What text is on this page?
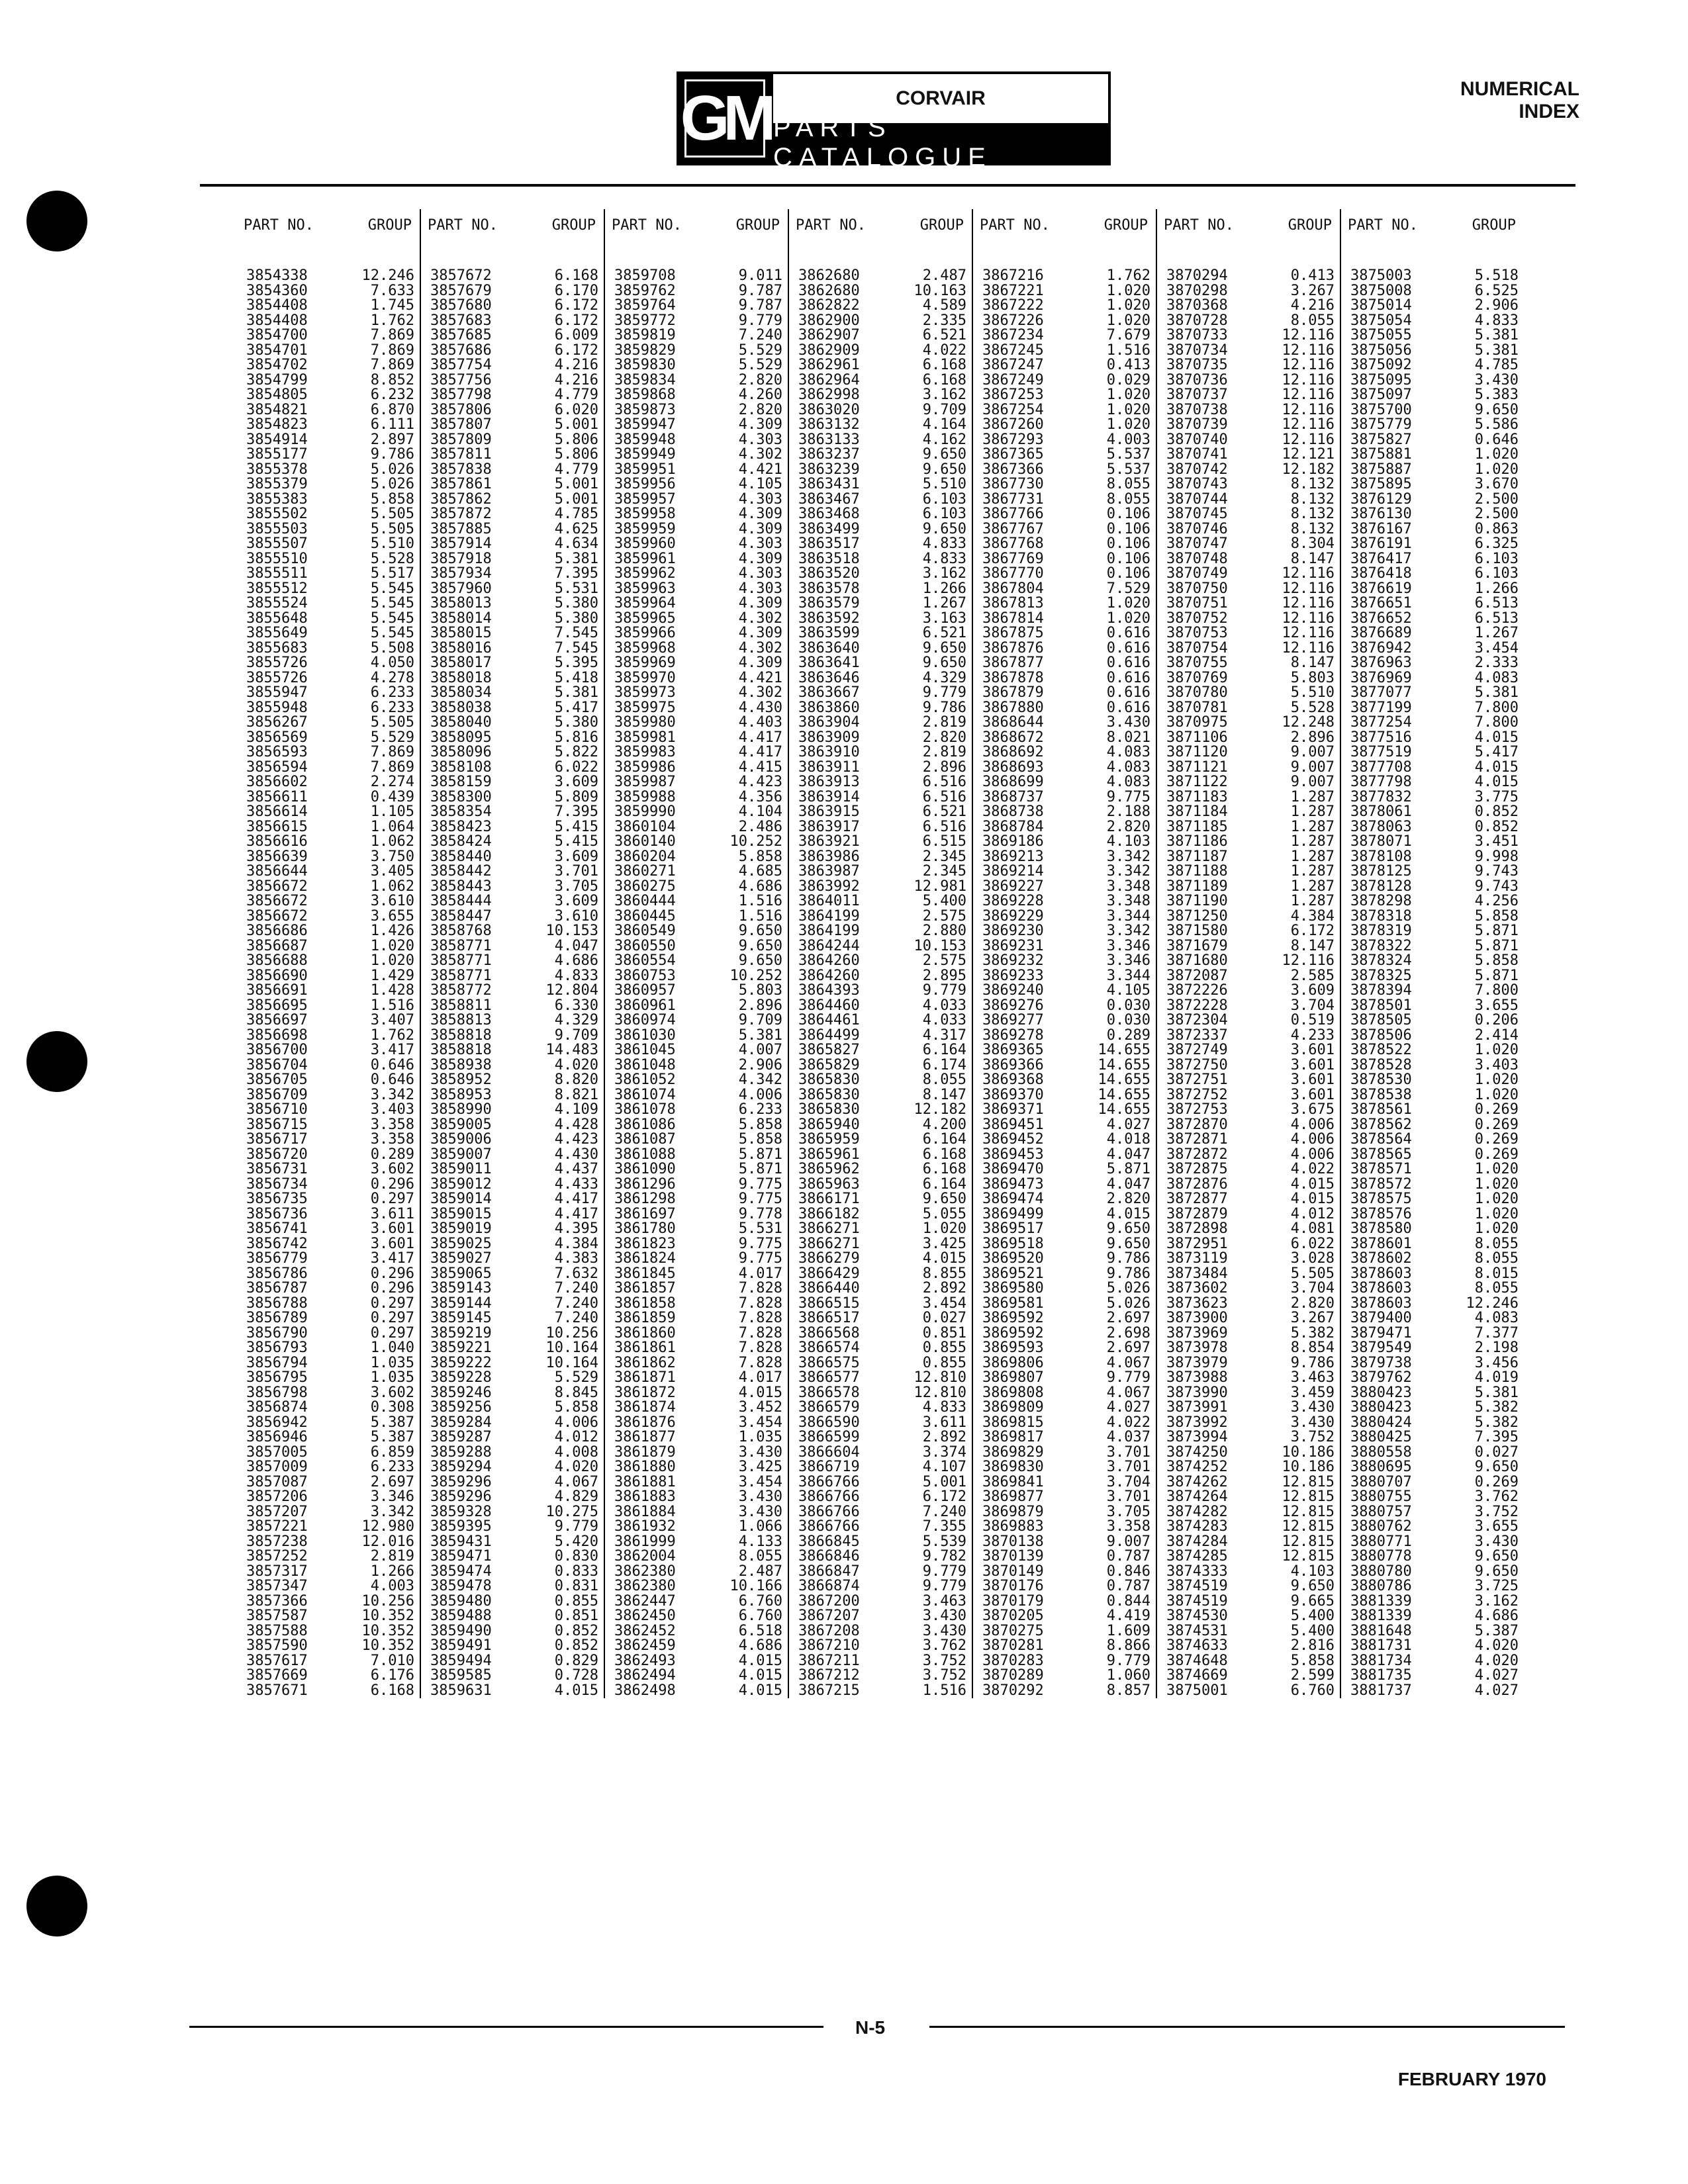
GM	CORVAIR
PARTS CATALOGUE
NUMERICAL
INDEX
PART NO.	GROUP
3854338	12.246
3854360	7.633
3854408	1.745
3854408	1.762
3854700	7.869
3854701	7.869
3854702	7.869
3854799	8.852
3854805	6.232
3854821	6.870
3854823	6.111
3854914	2.897
3855177	9.786
3855378	5.026
3855379	5.026
3855383	5.858
3855502	5.505
3855503	5.505
3855507	5.510
3855510	5.528
3855511	5.517
3855512	5.545
3855524	5.545
3855648	5.545
3855649	5.545
3855683	5.508
3855726	4.050
3855726	4.278
3855947	6.233
3855948	6.233
3856267	5.505
3856569	5.529
3856593	7.869
3856594	7.869
3856602	2.274
3856611	0.439
3856614	1.105
3856615	1.064
3856616	1.062
3856639	3.750
3856644	3.405
3856672	1.062
3856672	3.610
3856672	3.655
3856686	1.426
3856687	1.020
3856688	1.020
3856690	1.429
3856691	1.428
3856695	1.516
3856697	3.407
3856698	1.762
3856700	3.417
3856704	0.646
3856705	0.646
3856709	3.342
3856710	3.403
3856715	3.358
3856717	3.358
3856720	0.289
3856731	3.602
3856734	0.296
3856735	0.297
3856736	3.611
3856741	3.601
3856742	3.601
3856779	3.417
3856786	0.296
3856787	0.296
3856788	0.297
3856789	0.297
3856790	0.297
3856793	1.040
3856794	1.035
3856795	1.035
3856798	3.602
3856874	0.308
3856942	5.387
3856946	5.387
3857005	6.859
3857009	6.233
3857087	2.697
3857206	3.346
3857207	3.342
3857221	12.980
3857238	12.016
3857252	2.819
3857317	1.266
3857347	4.003
3857366	10.256
3857587	10.352
3857588	10.352
3857590	10.352
3857617	7.010
3857669	6.176
3857671	6.168
PART NO.	GROUP
3857672	6.168
3857679	6.170
3857680	6.172
3857683	6.172
3857685	6.009
3857686	6.172
3857754	4.216
3857756	4.216
3857798	4.779
3857806	6.020
3857807	5.001
3857809	5.806
3857811	5.806
3857838	4.779
3857861	5.001
3857862	5.001
3857872	4.785
3857885	4.625
3857914	4.634
3857918	5.381
3857934	7.395
3857960	5.531
3858013	5.380
3858014	5.380
3858015	7.545
3858016	7.545
3858017	5.395
3858018	5.418
3858034	5.381
3858038	5.417
3858040	5.380
3858095	5.816
3858096	5.822
3858108	6.022
3858159	3.609
3858300	5.809
3858354	7.395
3858423	5.415
3858424	5.415
3858440	3.609
3858442	3.701
3858443	3.705
3858444	3.609
3858447	3.610
3858768	10.153
3858771	4.047
3858771	4.686
3858771	4.833
3858772	12.804
3858811	6.330
3858813	4.329
3858818	9.709
3858818	14.483
3858938	4.020
3858952	8.820
3858953	8.821
3858990	4.109
3859005	4.428
3859006	4.423
3859007	4.430
3859011	4.437
3859012	4.433
3859014	4.417
3859015	4.417
3859019	4.395
3859025	4.384
3859027	4.383
3859065	7.632
3859143	7.240
3859144	7.240
3859145	7.240
3859219	10.256
3859221	10.164
3859222	10.164
3859228	5.529
3859246	8.845
3859256	5.858
3859284	4.006
3859287	4.012
3859288	4.008
3859294	4.020
3859296	4.067
3859296	4.829
3859328	10.275
3859395	9.779
3859431	5.420
3859471	0.830
3859474	0.833
3859478	0.831
3859480	0.855
3859488	0.851
3859490	0.852
3859491	0.852
3859494	0.829
3859585	0.728
3859631	4.015
PART NO.	GROUP
3859708	9.011
3859762	9.787
3859764	9.787
3859772	9.779
3859819	7.240
3859829	5.529
3859830	5.529
3859834	2.820
3859868	4.260
3859873	2.820
3859947	4.309
3859948	4.303
3859949	4.302
3859951	4.421
3859956	4.105
3859957	4.303
3859958	4.309
3859959	4.309
3859960	4.303
3859961	4.309
3859962	4.303
3859963	4.303
3859964	4.309
3859965	4.302
3859966	4.309
3859968	4.302
3859969	4.309
3859970	4.421
3859973	4.302
3859975	4.430
3859980	4.403
3859981	4.417
3859983	4.417
3859986	4.415
3859987	4.423
3859988	4.356
3859990	4.104
3860104	2.486
3860140	10.252
3860204	5.858
3860271	4.685
3860275	4.686
3860444	1.516
3860445	1.516
3860549	9.650
3860550	9.650
3860554	9.650
3860753	10.252
3860957	5.803
3860961	2.896
3860974	9.709
3861030	5.381
3861045	4.007
3861048	2.906
3861052	4.342
3861074	4.006
3861078	6.233
3861086	5.858
3861087	5.858
3861088	5.871
3861090	5.871
3861296	9.775
3861298	9.775
3861697	9.778
3861780	5.531
3861823	9.775
3861824	9.775
3861845	4.017
3861857	7.828
3861858	7.828
3861859	7.828
3861860	7.828
3861861	7.828
3861862	7.828
3861871	4.017
3861872	4.015
3861874	3.452
3861876	3.454
3861877	1.035
3861879	3.430
3861880	3.425
3861881	3.454
3861883	3.430
3861884	3.430
3861932	1.066
3861999	4.133
3862004	8.055
3862380	2.487
3862380	10.166
3862447	6.760
3862450	6.760
3862452	6.518
3862459	4.686
3862493	4.015
3862494	4.015
3862498	4.015
PART NO.	GROUP
3862680	2.487
3862680	10.163
3862822	4.589
3862900	2.335
3862907	6.521
3862909	4.022
3862961	6.168
3862964	6.168
3862998	3.162
3863020	9.709
3863132	4.164
3863133	4.162
3863237	9.650
3863239	9.650
3863431	5.510
3863467	6.103
3863468	6.103
3863499	9.650
3863517	4.833
3863518	4.833
3863520	3.162
3863578	1.266
3863579	1.267
3863592	3.163
3863599	6.521
3863640	9.650
3863641	9.650
3863646	4.329
3863667	9.779
3863860	9.786
3863904	2.819
3863909	2.820
3863910	2.819
3863911	2.896
3863913	6.516
3863914	6.516
3863915	6.521
3863917	6.516
3863921	6.515
3863986	2.345
3863987	2.345
3863992	12.981
3864011	5.400
3864199	2.575
3864199	2.880
3864244	10.153
3864260	2.575
3864260	2.895
3864393	9.779
3864460	4.033
3864461	4.033
3864499	4.317
3865827	6.164
3865829	6.174
3865830	8.055
3865830	8.147
3865830	12.182
3865940	4.200
3865959	6.164
3865961	6.168
3865962	6.168
3865963	6.164
3866171	9.650
3866182	5.055
3866271	1.020
3866271	3.425
3866279	4.015
3866429	8.855
3866440	2.892
3866515	3.454
3866517	0.027
3866568	0.851
3866574	0.855
3866575	0.855
3866577	12.810
3866578	12.810
3866579	4.833
3866590	3.611
3866599	2.892
3866604	3.374
3866719	4.107
3866766	5.001
3866766	6.172
3866766	7.240
3866766	7.355
3866845	5.539
3866846	9.782
3866847	9.779
3866874	9.779
3867200	3.463
3867207	3.430
3867208	3.430
3867210	3.762
3867211	3.752
3867212	3.752
3867215	1.516
PART NO.	GROUP
3867216	1.762
3867221	1.020
3867222	1.020
3867226	1.020
3867234	7.679
3867245	1.516
3867247	0.413
3867249	0.029
3867253	1.020
3867254	1.020
3867260	1.020
3867293	4.003
3867365	5.537
3867366	5.537
3867730	8.055
3867731	8.055
3867766	0.106
3867767	0.106
3867768	0.106
3867769	0.106
3867770	0.106
3867804	7.529
3867813	1.020
3867814	1.020
3867875	0.616
3867876	0.616
3867877	0.616
3867878	0.616
3867879	0.616
3867880	0.616
3868644	3.430
3868672	8.021
3868692	4.083
3868693	4.083
3868699	4.083
3868737	9.775
3868738	2.188
3868784	2.820
3869186	4.103
3869213	3.342
3869214	3.342
3869227	3.348
3869228	3.348
3869229	3.344
3869230	3.342
3869231	3.346
3869232	3.346
3869233	3.344
3869240	4.105
3869276	0.030
3869277	0.030
3869278	0.289
3869365	14.655
3869366	14.655
3869368	14.655
3869370	14.655
3869371	14.655
3869451	4.027
3869452	4.018
3869453	4.047
3869470	5.871
3869473	4.047
3869474	2.820
3869499	4.015
3869517	9.650
3869518	9.650
3869520	9.786
3869521	9.786
3869580	5.026
3869581	5.026
3869592	2.697
3869592	2.698
3869593	2.697
3869806	4.067
3869807	9.779
3869808	4.067
3869809	4.027
3869815	4.022
3869817	4.037
3869829	3.701
3869830	3.701
3869841	3.704
3869877	3.701
3869879	3.705
3869883	3.358
3870138	9.007
3870139	0.787
3870149	0.846
3870176	0.787
3870179	0.844
3870205	4.419
3870275	1.609
3870281	8.866
3870283	9.779
3870289	1.060
3870292	8.857
PART NO.	GROUP
3870294	0.413
3870298	3.267
3870368	4.216
3870728	8.055
3870733	12.116
3870734	12.116
3870735	12.116
3870736	12.116
3870737	12.116
3870738	12.116
3870739	12.116
3870740	12.116
3870741	12.121
3870742	12.182
3870743	8.132
3870744	8.132
3870745	8.132
3870746	8.132
3870747	8.304
3870748	8.147
3870749	12.116
3870750	12.116
3870751	12.116
3870752	12.116
3870753	12.116
3870754	12.116
3870755	8.147
3870769	5.803
3870780	5.510
3870781	5.528
3870975	12.248
3871106	2.896
3871120	9.007
3871121	9.007
3871122	9.007
3871183	1.287
3871184	1.287
3871185	1.287
3871186	1.287
3871187	1.287
3871188	1.287
3871189	1.287
3871190	1.287
3871250	4.384
3871580	6.172
3871679	8.147
3871680	12.116
3872087	2.585
3872226	3.609
3872228	3.704
3872304	0.519
3872337	4.233
3872749	3.601
3872750	3.601
3872751	3.601
3872752	3.601
3872753	3.675
3872870	4.006
3872871	4.006
3872872	4.006
3872875	4.022
3872876	4.015
3872877	4.015
3872879	4.012
3872898	4.081
3872951	6.022
3873119	3.028
3873484	5.505
3873602	3.704
3873623	2.820
3873900	3.267
3873969	5.382
3873978	8.854
3873979	9.786
3873988	3.463
3873990	3.459
3873991	3.430
3873992	3.430
3873994	3.752
3874250	10.186
3874252	10.186
3874262	12.815
3874264	12.815
3874282	12.815
3874283	12.815
3874284	12.815
3874285	12.815
3874333	4.103
3874519	9.650
3874519	9.665
3874530	5.400
3874531	5.400
3874633	2.816
3874648	5.858
3874669	2.599
3875001	6.760
PART NO.	GROUP
3875003	5.518
3875008	6.525
3875014	2.906
3875054	4.833
3875055	5.381
3875056	5.381
3875092	4.785
3875095	3.430
3875097	5.383
3875700	9.650
3875779	5.586
3875827	0.646
3875881	1.020
3875887	1.020
3875895	3.670
3876129	2.500
3876130	2.500
3876167	0.863
3876191	6.325
3876417	6.103
3876418	6.103
3876619	1.266
3876651	6.513
3876652	6.513
3876689	1.267
3876942	3.454
3876963	2.333
3876969	4.083
3877077	5.381
3877199	7.800
3877254	7.800
3877516	4.015
3877519	5.417
3877708	4.015
3877798	4.015
3877832	3.775
3878061	0.852
3878063	0.852
3878071	3.451
3878108	9.998
3878125	9.743
3878128	9.743
3878298	4.256
3878318	5.858
3878319	5.871
3878322	5.871
3878324	5.858
3878325	5.871
3878394	7.800
3878501	3.655
3878505	0.206
3878506	2.414
3878522	1.020
3878528	3.403
3878530	1.020
3878538	1.020
3878561	0.269
3878562	0.269
3878564	0.269
3878565	0.269
3878571	1.020
3878572	1.020
3878575	1.020
3878576	1.020
3878580	1.020
3878601	8.055
3878602	8.055
3878603	8.015
3878603	8.055
3878603	12.246
3879400	4.083
3879471	7.377
3879549	2.198
3879738	3.456
3879762	4.019
3880423	5.381
3880423	5.382
3880424	5.382
3880425	7.395
3880558	0.027
3880695	9.650
3880707	0.269
3880755	3.762
3880757	3.752
3880762	3.655
3880771	3.430
3880778	9.650
3880780	9.650
3880786	3.725
3881339	3.162
3881339	4.686
3881648	5.387
3881731	4.020
3881734	4.020
3881735	4.027
3881737	4.027
N-5
FEBRUARY 1970
